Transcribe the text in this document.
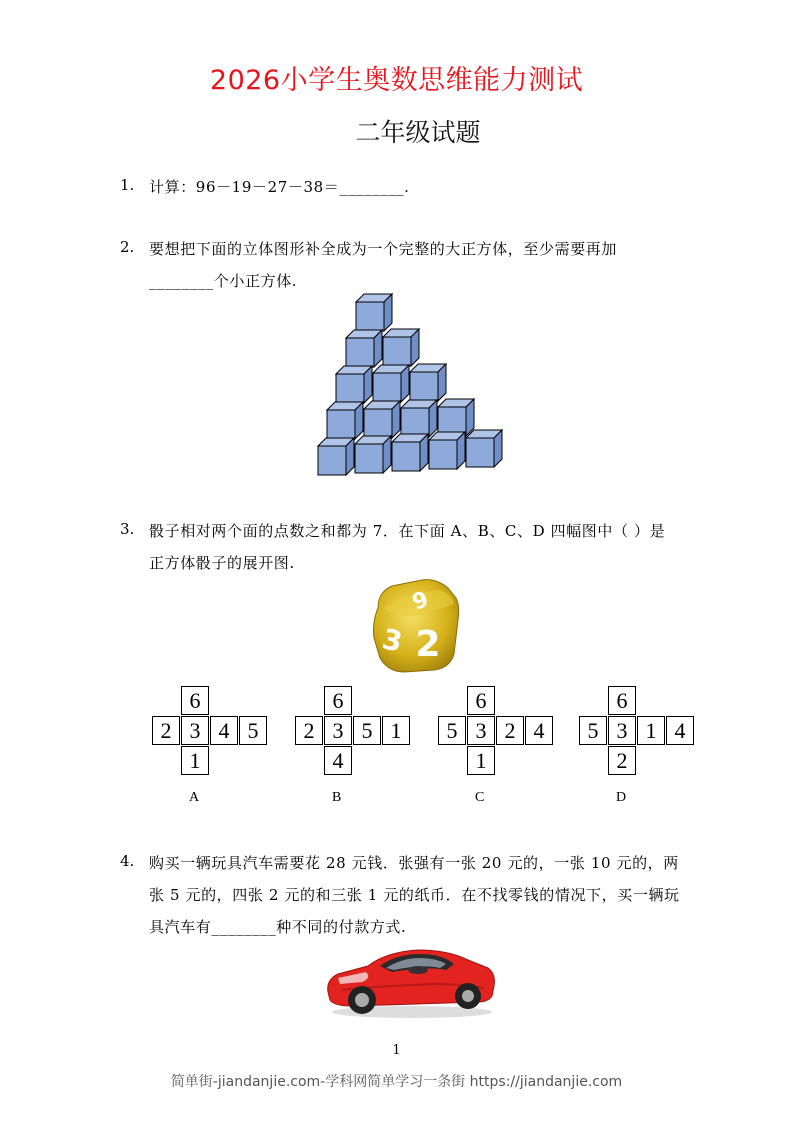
2026小学生奥数思维能力测试
二年级试题
1. 计算：96－19－27－38＝________.
2. 要想把下面的立体图形补全成为一个完整的大正方体，至少需要再加
________个小正方体.
3. 骰子相对两个面的点数之和都为 7．在下面 A、B、C、D 四幅图中（ ）是
正方体骰子的展开图.
6
3 2
6
2 3 4 5
1
A
6
2 3 5 1
4
B
6
5 3 2 4
1
C
6
5 3 1 4
2
D
4. 购买一辆玩具汽车需要花 28 元钱．张强有一张 20 元的，一张 10 元的，两
张 5 元的，四张 2 元的和三张 1 元的纸币．在不找零钱的情况下，买一辆玩
具汽车有________种不同的付款方式.
1
简单街-jiandanjie.com-学科网简单学习一条街 https://jiandanjie.com
